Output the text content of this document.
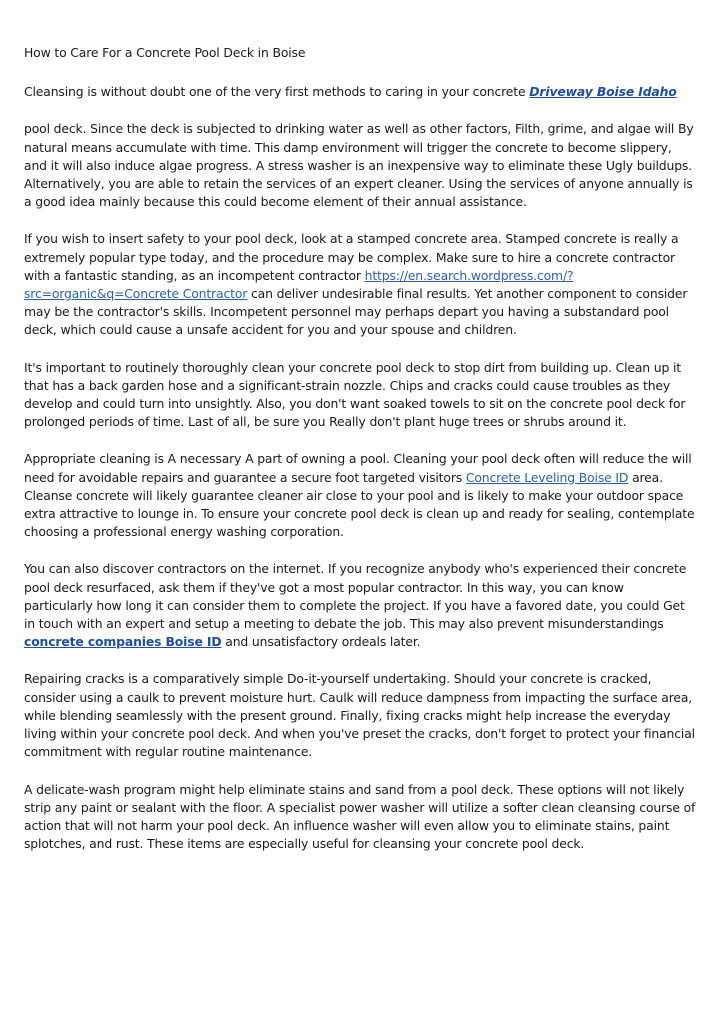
How to Care For a Concrete Pool Deck in Boise

Cleansing is without doubt one of the very first methods to caring in your concrete Driveway Boise Idaho

pool deck. Since the deck is subjected to drinking water as well as other factors, Filth, grime, and algae will By natural means accumulate with time. This damp environment will trigger the concrete to become slippery, and it will also induce algae progress. A stress washer is an inexpensive way to eliminate these Ugly buildups. Alternatively, you are able to retain the services of an expert cleaner. Using the services of anyone annually is a good idea mainly because this could become element of their annual assistance.

If you wish to insert safety to your pool deck, look at a stamped concrete area. Stamped concrete is really a extremely popular type today, and the procedure may be complex. Make sure to hire a concrete contractor with a fantastic standing, as an incompetent contractor https://en.search.wordpress.com/?src=organic&q=Concrete Contractor can deliver undesirable final results. Yet another component to consider may be the contractor's skills. Incompetent personnel may perhaps depart you having a substandard pool deck, which could cause a unsafe accident for you and your spouse and children.

It's important to routinely thoroughly clean your concrete pool deck to stop dirt from building up. Clean up it that has a back garden hose and a significant-strain nozzle. Chips and cracks could cause troubles as they develop and could turn into unsightly. Also, you don't want soaked towels to sit on the concrete pool deck for prolonged periods of time. Last of all, be sure you Really don't plant huge trees or shrubs around it.

Appropriate cleaning is A necessary A part of owning a pool. Cleaning your pool deck often will reduce the will need for avoidable repairs and guarantee a secure foot targeted visitors Concrete Leveling Boise ID area. Cleanse concrete will likely guarantee cleaner air close to your pool and is likely to make your outdoor space extra attractive to lounge in. To ensure your concrete pool deck is clean up and ready for sealing, contemplate choosing a professional energy washing corporation.

You can also discover contractors on the internet. If you recognize anybody who's experienced their concrete pool deck resurfaced, ask them if they've got a most popular contractor. In this way, you can know particularly how long it can consider them to complete the project. If you have a favored date, you could Get in touch with an expert and setup a meeting to debate the job. This may also prevent misunderstandings concrete companies Boise ID and unsatisfactory ordeals later.

Repairing cracks is a comparatively simple Do-it-yourself undertaking. Should your concrete is cracked, consider using a caulk to prevent moisture hurt. Caulk will reduce dampness from impacting the surface area, while blending seamlessly with the present ground. Finally, fixing cracks might help increase the everyday living within your concrete pool deck. And when you've preset the cracks, don't forget to protect your financial commitment with regular routine maintenance.

A delicate-wash program might help eliminate stains and sand from a pool deck. These options will not likely strip any paint or sealant with the floor. A specialist power washer will utilize a softer clean cleansing course of action that will not harm your pool deck. An influence washer will even allow you to eliminate stains, paint splotches, and rust. These items are especially useful for cleansing your concrete pool deck.
